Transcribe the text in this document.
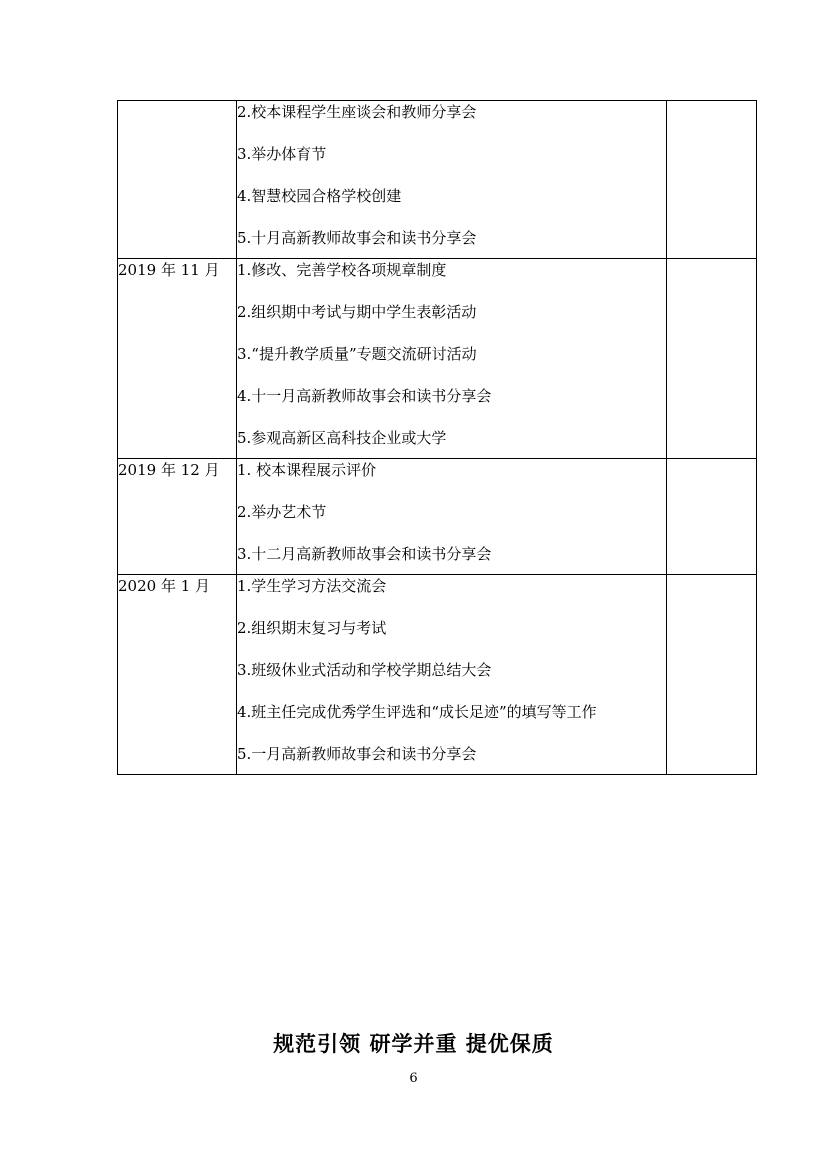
	2.校本课程学生座谈会和教师分享会
3.举办体育节
4.智慧校园合格学校创建
5.十月高新教师故事会和读书分享会	

2019 年 11 月	1.修改、完善学校各项规章制度
2.组织期中考试与期中学生表彰活动
3.“提升教学质量”专题交流研讨活动
4.十一月高新教师故事会和读书分享会
5.参观高新区高科技企业或大学	

2019 年 12 月	1. 校本课程展示评价
2.举办艺术节
3.十二月高新教师故事会和读书分享会	

2020 年 1 月	1.学生学习方法交流会
2.组织期末复习与考试
3.班级休业式活动和学校学期总结大会
4.班主任完成优秀学生评选和“成长足迹”的填写等工作
5.一月高新教师故事会和读书分享会	

规范引领 研学并重 提优保质
6
